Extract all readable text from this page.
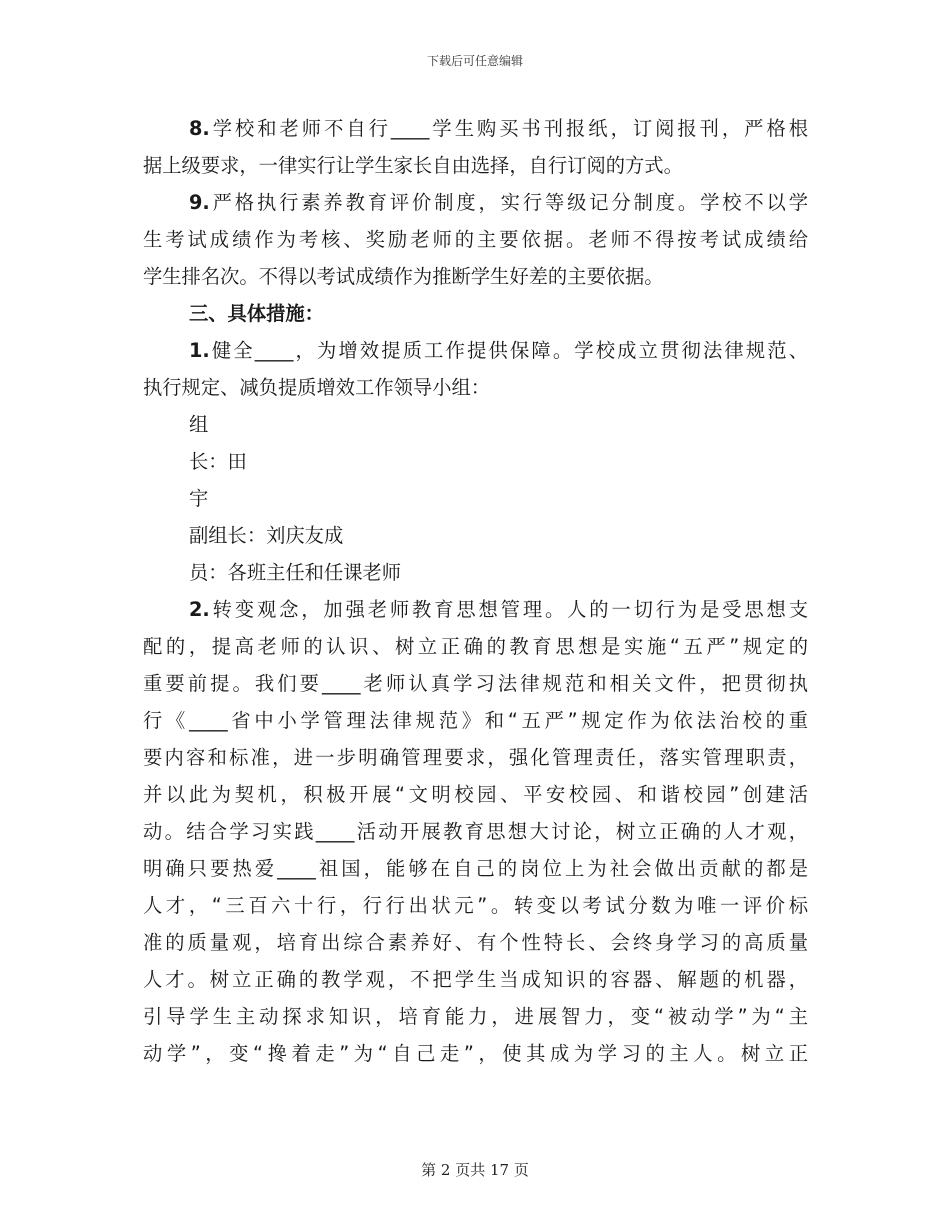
下载后可任意编辑
8.学校和老师不自行____学生购买书刊报纸，订阅报刊，严格根
据上级要求，一律实行让学生家长自由选择，自行订阅的方式。
9.严格执行素养教育评价制度，实行等级记分制度。学校不以学
生考试成绩作为考核、奖励老师的主要依据。老师不得按考试成绩给
学生排名次。不得以考试成绩作为推断学生好差的主要依据。
三、具体措施：
1.健全____，为增效提质工作提供保障。学校成立贯彻法律规范、
执行规定、减负提质增效工作领导小组：
组
长：田
宇
副组长：刘庆友成
员：各班主任和任课老师
2.转变观念，加强老师教育思想管理。人的一切行为是受思想支
配的，提高老师的认识、树立正确的教育思想是实施“五严”规定的
重要前提。我们要____老师认真学习法律规范和相关文件，把贯彻执
行《____省中小学管理法律规范》和“五严”规定作为依法治校的重
要内容和标准，进一步明确管理要求，强化管理责任，落实管理职责，
并以此为契机，积极开展“文明校园、平安校园、和谐校园”创建活
动。结合学习实践____活动开展教育思想大讨论，树立正确的人才观，
明确只要热爱____祖国，能够在自己的岗位上为社会做出贡献的都是
人才，“三百六十行，行行出状元”。转变以考试分数为唯一评价标
准的质量观，培育出综合素养好、有个性特长、会终身学习的高质量
人才。树立正确的教学观，不把学生当成知识的容器、解题的机器，
引导学生主动探求知识，培育能力，进展智力，变“被动学”为“主
动学”，变“搀着走”为“自己走”，使其成为学习的主人。树立正
第 2 页共 17 页
